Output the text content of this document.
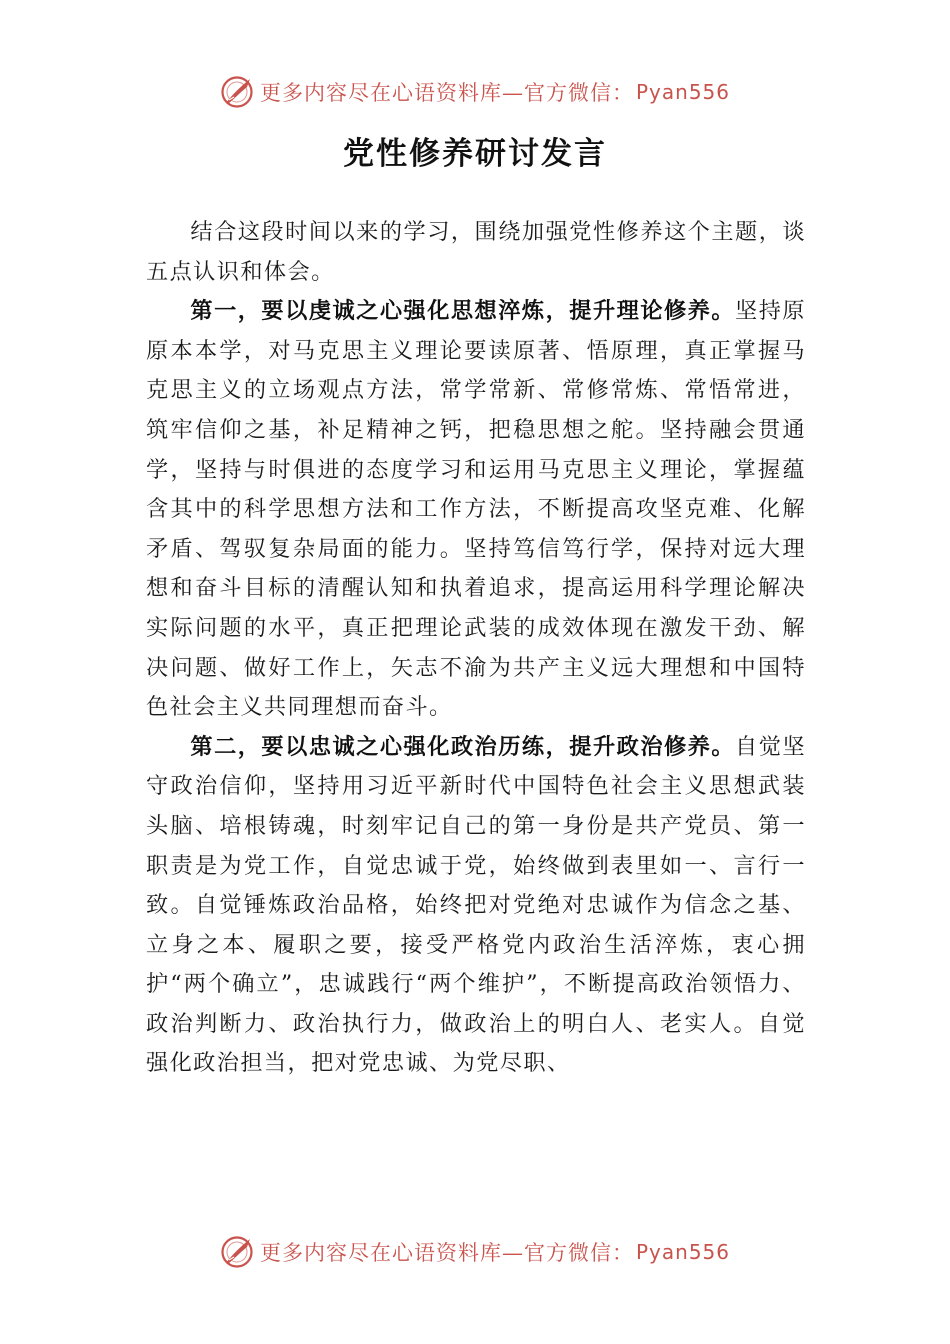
更多内容尽在心语资料库—官方微信： Pyan556
党性修养研讨发言

结合这段时间以来的学习，围绕加强党性修养这个主题，谈五点认识和体会。

第一，要以虔诚之心强化思想淬炼，提升理论修养。坚持原原本本学，对马克思主义理论要读原著、悟原理，真正掌握马克思主义的立场观点方法，常学常新、常修常炼、常悟常进，筑牢信仰之基，补足精神之钙，把稳思想之舵。坚持融会贯通学，坚持与时俱进的态度学习和运用马克思主义理论，掌握蕴含其中的科学思想方法和工作方法，不断提高攻坚克难、化解矛盾、驾驭复杂局面的能力。坚持笃信笃行学，保持对远大理想和奋斗目标的清醒认知和执着追求，提高运用科学理论解决实际问题的水平，真正把理论武装的成效体现在激发干劲、解决问题、做好工作上，矢志不渝为共产主义远大理想和中国特色社会主义共同理想而奋斗。

第二，要以忠诚之心强化政治历练，提升政治修养。自觉坚守政治信仰，坚持用习近平新时代中国特色社会主义思想武装头脑、培根铸魂，时刻牢记自己的第一身份是共产党员、第一职责是为党工作，自觉忠诚于党，始终做到表里如一、言行一致。自觉锤炼政治品格，始终把对党绝对忠诚作为信念之基、立身之本、履职之要，接受严格党内政治生活淬炼，衷心拥护“两个确立”，忠诚践行“两个维护”，不断提高政治领悟力、政治判断力、政治执行力，做政治上的明白人、老实人。自觉强化政治担当，把对党忠诚、为党尽职、

更多内容尽在心语资料库—官方微信： Pyan556
